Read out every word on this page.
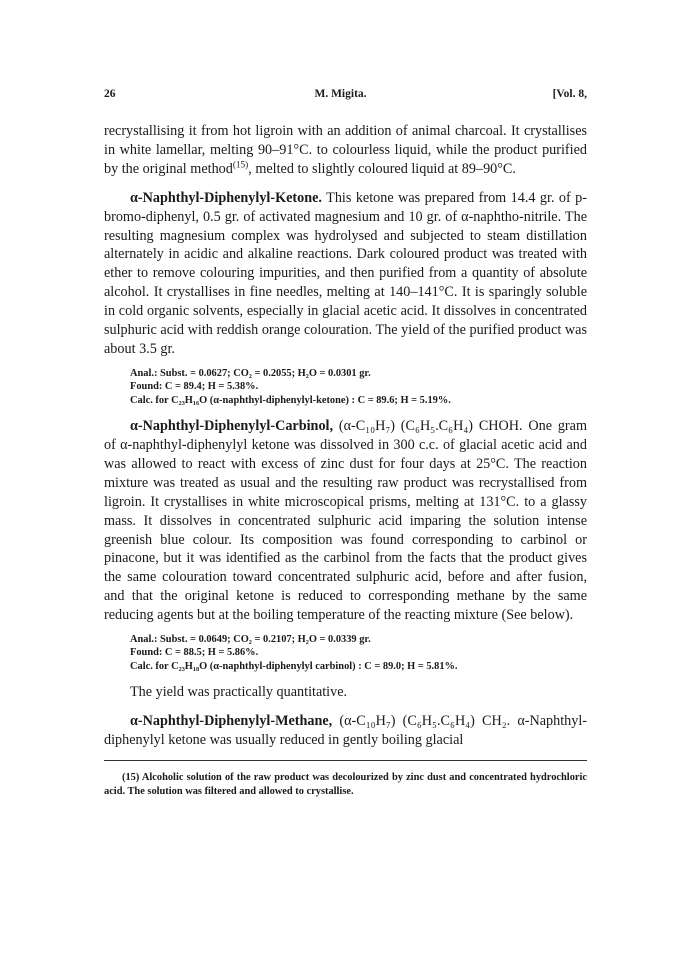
26	M. Migita.	[Vol. 8,

recrystallising it from hot ligroin with an addition of animal charcoal. It crystallises in white lamellar, melting 90–91°C. to colourless liquid, while the product purified by the original method$^{(15)}$, melted to slightly coloured liquid at 89–90°C.

α-Naphthyl-Diphenylyl-Ketone. This ketone was prepared from 14.4 gr. of p-bromo-diphenyl, 0.5 gr. of activated magnesium and 10 gr. of α-naphtho-nitrile. The resulting magnesium complex was hydrolysed and subjected to steam distillation alternately in acidic and alkaline reactions. Dark coloured product was treated with ether to remove colouring impurities, and then purified from a quantity of absolute alcohol. It crystallises in fine needles, melting at 140–141°C. It is sparingly soluble in cold organic solvents, especially in glacial acetic acid. It dissolves in concentrated sulphuric acid with reddish orange colouration. The yield of the purified product was about 3.5 gr.

Anal.: Subst. = 0.0627; CO₂ = 0.2055; H₂O = 0.0301 gr.
Found: C = 89.4; H = 5.38%.
Calc. for C₂₃H₁₆O (α-naphthyl-diphenylyl-ketone) : C = 89.6; H = 5.19%.

α-Naphthyl-Diphenylyl-Carbinol, (α-C₁₀H₇) (C₆H₅.C₆H₄) CHOH. One gram of α-naphthyl-diphenylyl ketone was dissolved in 300 c.c. of glacial acetic acid and was allowed to react with excess of zinc dust for four days at 25°C. The reaction mixture was treated as usual and the resulting raw product was recrystallised from ligroin. It crystallises in white microscopical prisms, melting at 131°C. to a glassy mass. It dissolves in concentrated sulphuric acid imparing the solution intense greenish blue colour. Its composition was found corresponding to carbinol or pinacone, but it was identified as the carbinol from the facts that the product gives the same colouration toward concentrated sulphuric acid, before and after fusion, and that the original ketone is reduced to corresponding methane by the same reducing agents but at the boiling temperature of the reacting mixture (See below).

Anal.: Subst. = 0.0649; CO₂ = 0.2107; H₂O = 0.0339 gr.
Found: C = 88.5; H = 5.86%.
Calc. for C₂₃H₁₈O (α-naphthyl-diphenylyl carbinol) : C = 89.0; H = 5.81%.

The yield was practically quantitative.

α-Naphthyl-Diphenylyl-Methane, (α-C₁₀H₇) (C₆H₅.C₆H₄) CH₂. α-Naphthyl-diphenylyl ketone was usually reduced in gently boiling glacial

(15) Alcoholic solution of the raw product was decolourized by zinc dust and concentrated hydrochloric acid. The solution was filtered and allowed to crystallise.
